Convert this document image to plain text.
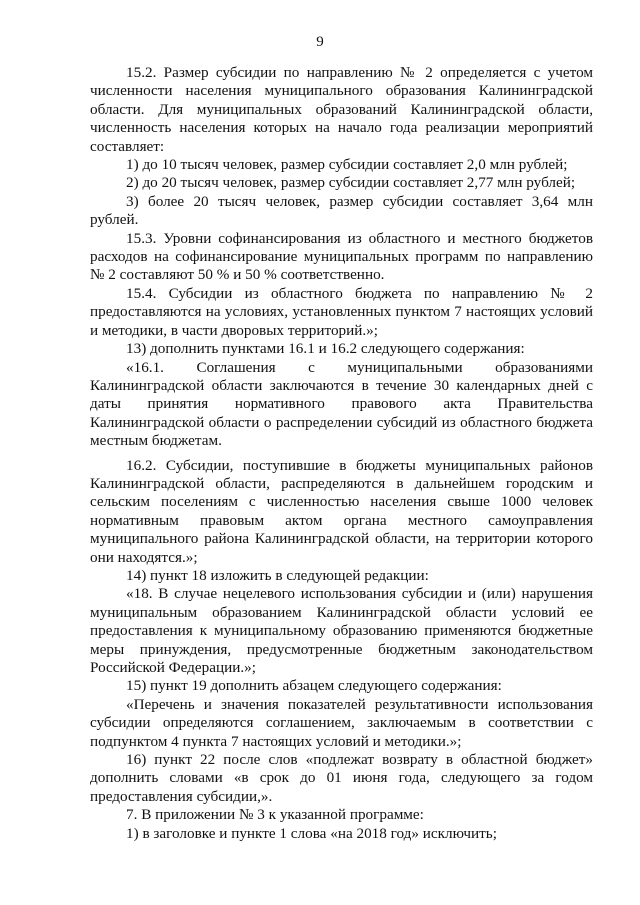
9

15.2. Размер субсидии по направлению № 2 определяется с учетом численности населения муниципального образования Калининградской области. Для муниципальных образований Калининградской области, численность населения которых на начало года реализации мероприятий составляет:

1) до 10 тысяч человек, размер субсидии составляет 2,0 млн рублей;

2) до 20 тысяч человек, размер субсидии составляет 2,77 млн рублей;

3) более 20 тысяч человек, размер субсидии составляет 3,64 млн рублей.

15.3. Уровни софинансирования из областного и местного бюджетов расходов на софинансирование муниципальных программ по направлению № 2 составляют 50 % и 50 % соответственно.

15.4. Субсидии из областного бюджета по направлению № 2 предоставляются на условиях, установленных пунктом 7 настоящих условий и методики, в части дворовых территорий.»;

13) дополнить пунктами 16.1 и 16.2 следующего содержания:

«16.1. Соглашения с муниципальными образованиями Калининградской области заключаются в течение 30 календарных дней с даты принятия нормативного правового акта Правительства Калининградской области о распределении субсидий из областного бюджета местным бюджетам.

16.2. Субсидии, поступившие в бюджеты муниципальных районов Калининградской области, распределяются в дальнейшем городским и сельским поселениям с численностью населения свыше 1000 человек нормативным правовым актом органа местного самоуправления муниципального района Калининградской области, на территории которого они находятся.»;

14) пункт 18 изложить в следующей редакции:

«18. В случае нецелевого использования субсидии и (или) нарушения муниципальным образованием Калининградской области условий ее предоставления к муниципальному образованию применяются бюджетные меры принуждения, предусмотренные бюджетным законодательством Российской Федерации.»;

15) пункт 19 дополнить абзацем следующего содержания:

«Перечень и значения показателей результативности использования субсидии определяются соглашением, заключаемым в соответствии с подпунктом 4 пункта 7 настоящих условий и методики.»;

16) пункт 22 после слов «подлежат возврату в областной бюджет» дополнить словами «в срок до 01 июня года, следующего за годом предоставления субсидии,».

7. В приложении № 3 к указанной программе:

1) в заголовке и пункте 1 слова «на 2018 год» исключить;
